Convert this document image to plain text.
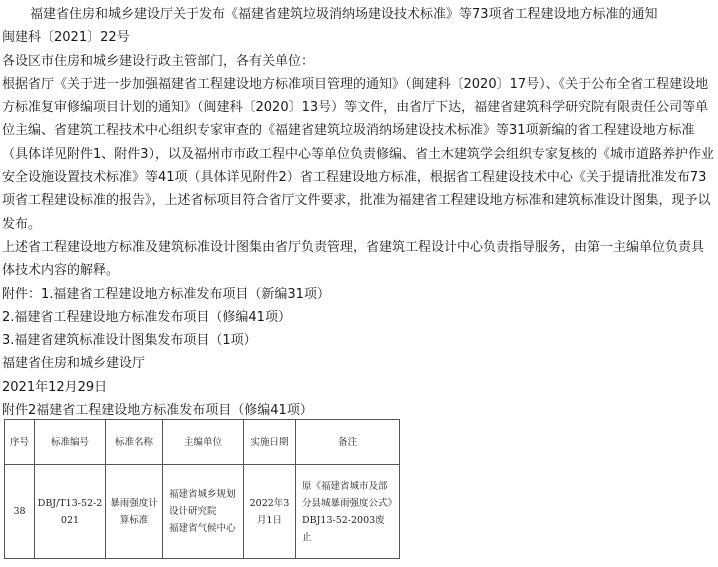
福建省住房和城乡建设厅关于发布《福建省建筑垃圾消纳场建设技术标准》等73项省工程建设地方标准的通知

闽建科〔2021〕22号

各设区市住房和城乡建设行政主管部门，各有关单位：

根据省厅《关于进一步加强福建省工程建设地方标准项目管理的通知》（闽建科〔2020〕17号）、《关于公布全省工程建设地方标准复审修编项目计划的通知》（闽建科〔2020〕13号）等文件，由省厅下达，福建省建筑科学研究院有限责任公司等单位主编、省建筑工程技术中心组织专家审查的《福建省建筑垃圾消纳场建设技术标准》等31项新编的省工程建设地方标准（具体详见附件1、附件3），以及福州市市政工程中心等单位负责修编、省土木建筑学会组织专家复核的《城市道路养护作业安全设施设置技术标准》等41项（具体详见附件2）省工程建设地方标准，根据省工程建设技术中心《关于提请批准发布73项省工程建设标准的报告》，上述省标项目符合省厅文件要求，批准为福建省工程建设地方标准和建筑标准设计图集，现予以发布。

上述省工程建设地方标准及建筑标准设计图集由省厅负责管理，省建筑工程设计中心负责指导服务，由第一主编单位负责具体技术内容的解释。

附件：1.福建省工程建设地方标准发布项目（新编31项）

2.福建省工程建设地方标准发布项目（修编41项）

3.福建省建筑标准设计图集发布项目（1项）

福建省住房和城乡建设厅

2021年12月29日

附件2福建省工程建设地方标准发布项目（修编41项）

序号	标准编号	标准名称	主编单位	实施日期	备注
38	DBJ/T13-52-2021	暴雨强度计算标准	福建省城乡规划设计研究院
福建省气候中心	2022年3月1日	原《福建省城市及部分县城暴雨强度公式》DBJ13-52-2003废止
